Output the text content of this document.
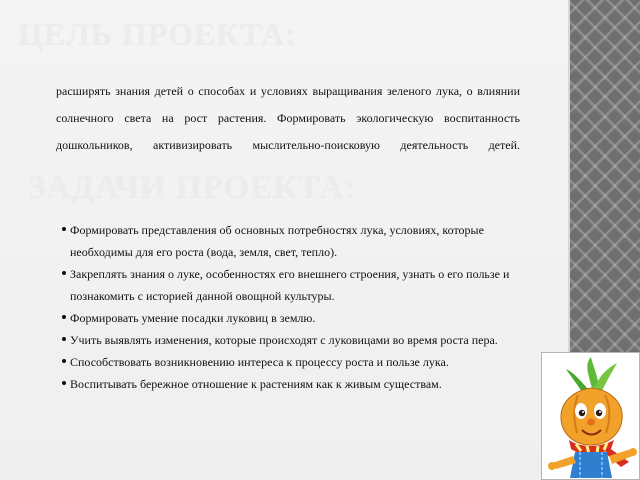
ЦЕЛЬ ПРОЕКТА:

расширять знания детей о способах и условиях выращивания зеленого лука, о влиянии солнечного света на рост растения. Формировать экологическую воспитанность дошкольников, активизировать мыслительно-поисковую деятельность детей.

ЗАДАЧИ ПРОЕКТА:
Формировать представления об основных потребностях лука, условиях, которые необходимы для его роста (вода, земля, свет, тепло).
Закреплять знания о луке, особенностях его внешнего строения, узнать о его пользе и познакомить с историей данной овощной культуры.
Формировать умение посадки луковиц в землю.
Учить выявлять изменения, которые происходят с луковицами во время роста пера.
Способствовать возникновению интереса к процессу роста и пользе лука.
Воспитывать бережное отношение к растениям как к живым существам.
